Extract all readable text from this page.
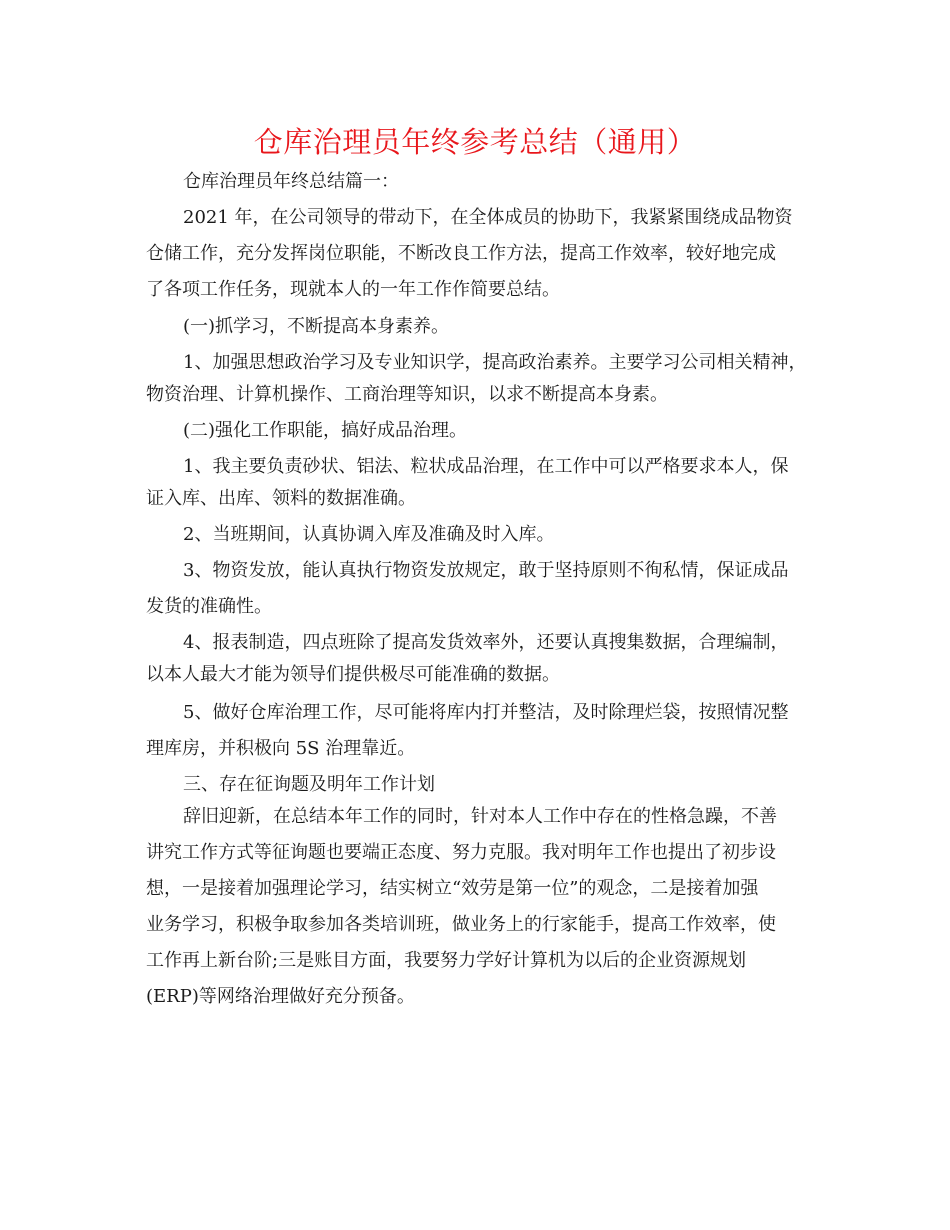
仓库治理员年终参考总结（通用）
仓库治理员年终总结篇一：
2021 年，在公司领导的带动下，在全体成员的协助下，我紧紧围绕成品物资
仓储工作，充分发挥岗位职能，不断改良工作方法，提高工作效率，较好地完成
了各项工作任务，现就本人的一年工作作简要总结。
(一)抓学习，不断提高本身素养。
1、加强思想政治学习及专业知识学，提高政治素养。主要学习公司相关精神，
物资治理、计算机操作、工商治理等知识，以求不断提高本身素。
(二)强化工作职能，搞好成品治理。
1、我主要负责砂状、铝法、粒状成品治理，在工作中可以严格要求本人，保
证入库、出库、领料的数据准确。
2、当班期间，认真协调入库及准确及时入库。
3、物资发放，能认真执行物资发放规定，敢于坚持原则不徇私情，保证成品
发货的准确性。
4、报表制造，四点班除了提高发货效率外，还要认真搜集数据，合理编制，
以本人最大才能为领导们提供极尽可能准确的数据。
5、做好仓库治理工作，尽可能将库内打并整洁，及时除理烂袋，按照情况整
理库房，并积极向 5S 治理靠近。
三、存在征询题及明年工作计划
辞旧迎新，在总结本年工作的同时，针对本人工作中存在的性格急躁，不善
讲究工作方式等征询题也要端正态度、努力克服。我对明年工作也提出了初步设
想，一是接着加强理论学习，结实树立“效劳是第一位”的观念，二是接着加强
业务学习，积极争取参加各类培训班，做业务上的行家能手，提高工作效率，使
工作再上新台阶;三是账目方面，我要努力学好计算机为以后的企业资源规划
(ERP)等网络治理做好充分预备。
